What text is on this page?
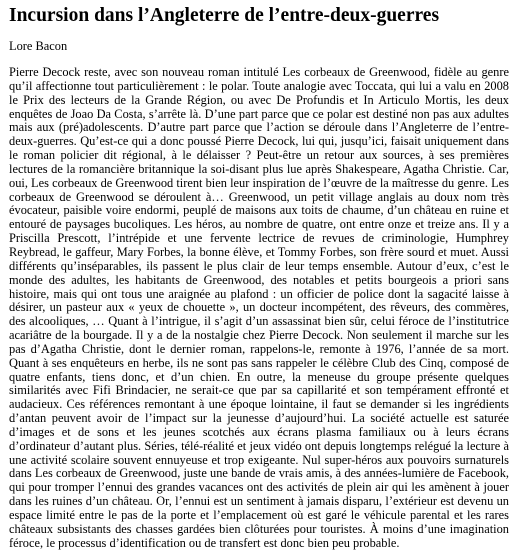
Incursion dans l’Angleterre de l’entre-deux-guerres

Lore Bacon

Pierre Decock reste, avec son nouveau roman intitulé Les corbeaux de Greenwood, fidèle au genre qu’il affectionne tout particulièrement : le polar. Toute analogie avec Toccata, qui lui a valu en 2008 le Prix des lecteurs de la Grande Région, ou avec De Profundis et In Articulo Mortis, les deux enquêtes de Joao Da Costa, s’arrête là. D’une part parce que ce polar est destiné non pas aux adultes mais aux (pré)adolescents. D’autre part parce que l’action se déroule dans l’Angleterre de l’entre-deux-guerres. Qu’est-ce qui a donc poussé Pierre Decock, lui qui, jusqu’ici, faisait uniquement dans le roman policier dit régional, à le délaisser ? Peut-être un retour aux sources, à ses premières lectures de la romancière britannique la soi-disant plus lue après Shakespeare, Agatha Christie. Car, oui, Les corbeaux de Greenwood tirent bien leur inspiration de l’œuvre de la maîtresse du genre. Les corbeaux de Greenwood se déroulent à… Greenwood, un petit village anglais au doux nom très évocateur, paisible voire endormi, peuplé de maisons aux toits de chaume, d’un château en ruine et entouré de paysages bucoliques. Les héros, au nombre de quatre, ont entre onze et treize ans. Il y a Priscilla Prescott, l’intrépide et une fervente lectrice de revues de criminologie, Humphrey Reybread, le gaffeur, Mary Forbes, la bonne élève, et Tommy Forbes, son frère sourd et muet. Aussi différents qu’inséparables, ils passent le plus clair de leur temps ensemble. Autour d’eux, c’est le monde des adultes, les habitants de Greenwood, des notables et petits bourgeois a priori sans histoire, mais qui ont tous une araignée au plafond : un officier de police dont la sagacité laisse à désirer, un pasteur aux « yeux de chouette », un docteur incompétent, des rêveurs, des commères, des alcooliques, … Quant à l’intrigue, il s’agit d’un assassinat bien sûr, celui féroce de l’institutrice acariâtre de la bourgade. Il y a de la nostalgie chez Pierre Decock. Non seulement il marche sur les pas d’Agatha Christie, dont le dernier roman, rappelons-le, remonte à 1976, l’année de sa mort. Quant à ses enquêteurs en herbe, ils ne sont pas sans rappeler le célèbre Club des Cinq, composé de quatre enfants, tiens donc, et d’un chien. En outre, la meneuse du groupe présente quelques similarités avec Fifi Brindacier, ne serait-ce que par sa capillarité et son tempérament effronté et audacieux. Ces références remontant à une époque lointaine, il faut se demander si les ingrédients d’antan peuvent avoir de l’impact sur la jeunesse d’aujourd’hui. La société actuelle est saturée d’images et de sons et les jeunes scotchés aux écrans plasma familiaux ou à leurs écrans d’ordinateur d’autant plus. Séries, télé-réalité et jeux vidéo ont depuis longtemps relégué la lecture à une activité scolaire souvent ennuyeuse et trop exigeante. Nul super-héros aux pouvoirs surnaturels dans Les corbeaux de Greenwood, juste une bande de vrais amis, à des années-lumière de Facebook, qui pour tromper l’ennui des grandes vacances ont des activités de plein air qui les amènent à jouer dans les ruines d’un château. Or, l’ennui est un sentiment à jamais disparu, l’extérieur est devenu un espace limité entre le pas de la porte et l’emplacement où est garé le véhicule parental et les rares châteaux subsistants des chasses gardées bien clôturées pour touristes. À moins d’une imagination féroce, le processus d’identification ou de transfert est donc bien peu probable.
